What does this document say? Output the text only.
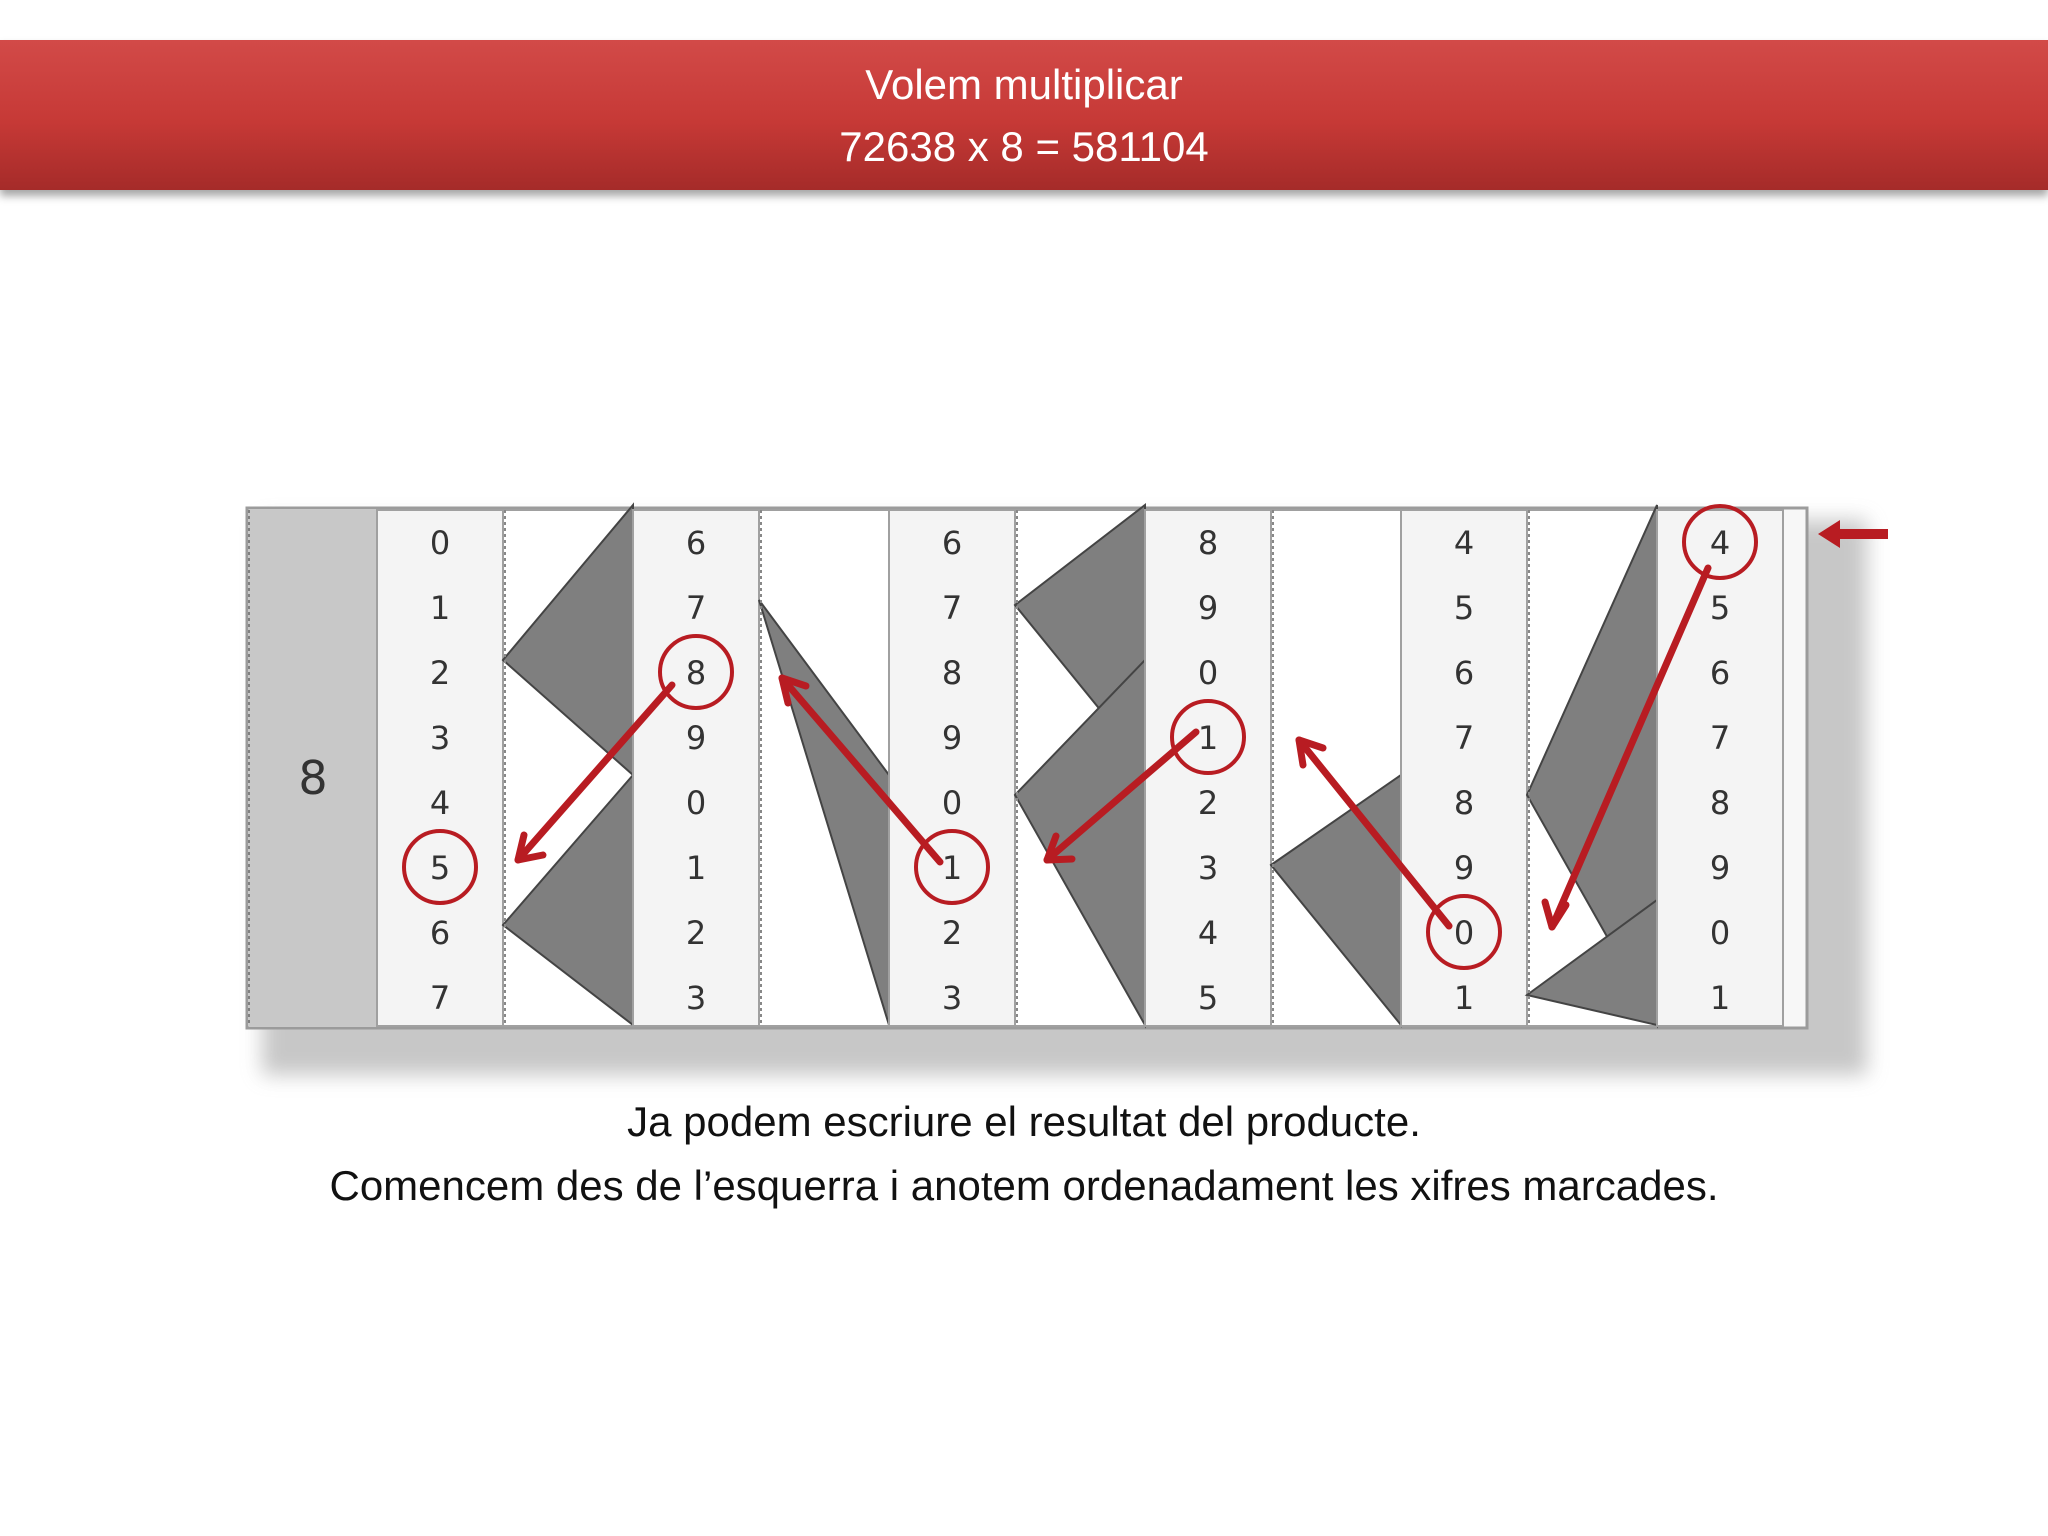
Volem multiplicar
72638 x 8 = 581104
8
0
1
2
3
4
5
6
7
6
7
8
9
0
1
2
3
6
7
8
9
0
1
2
3
8
9
0
1
2
3
4
5
4
5
6
7
8
9
0
1
4
5
6
7
8
9
0
1
Ja podem escriure el resultat del producte.
Comencem des de l’esquerra i anotem ordenadament les xifres marcades.
